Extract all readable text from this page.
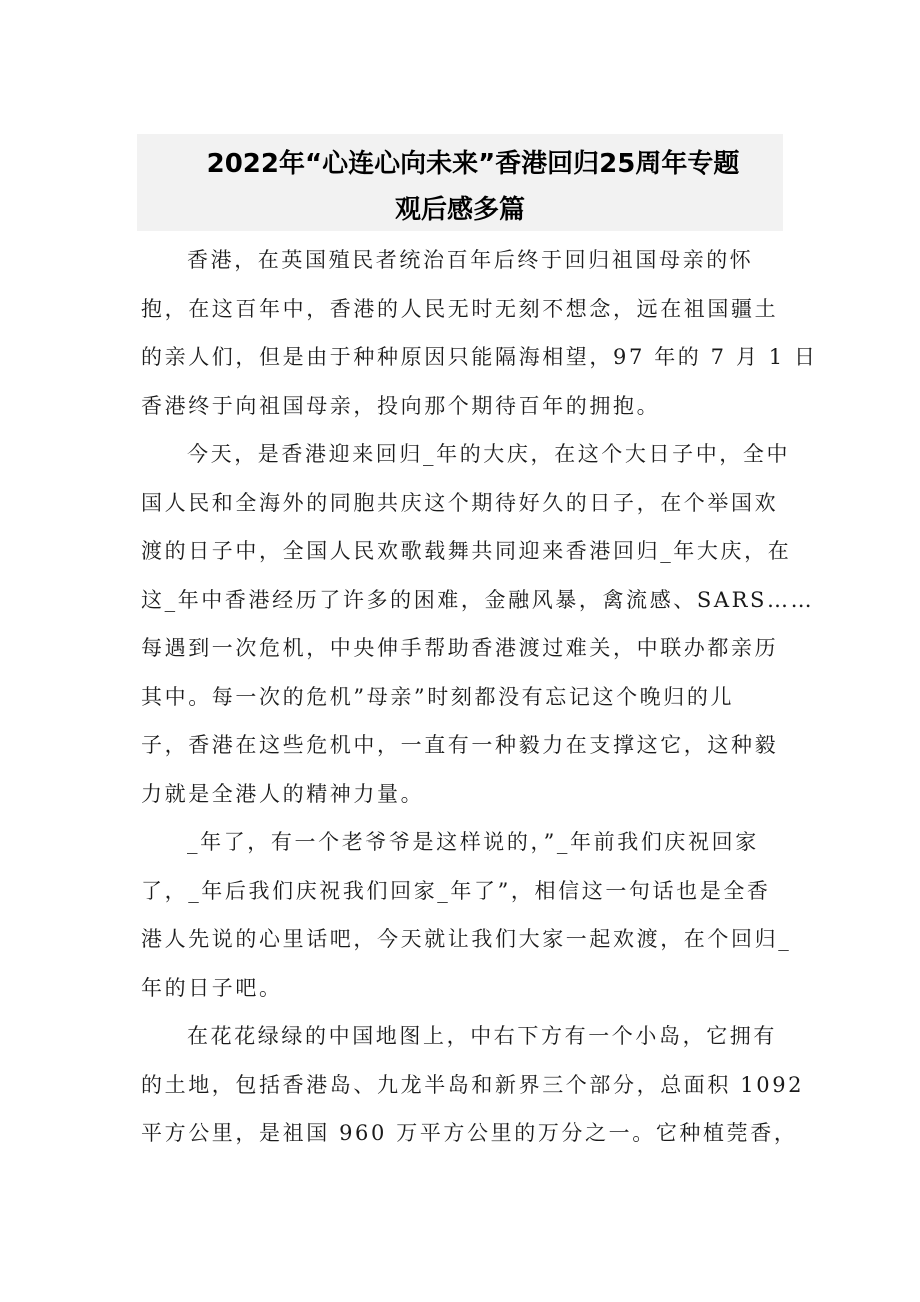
2022年“心连心向未来”香港回归25周年专题
观后感多篇
香港，在英国殖民者统治百年后终于回归祖国母亲的怀
抱，在这百年中，香港的人民无时无刻不想念，远在祖国疆土
的亲人们，但是由于种种原因只能隔海相望，97 年的 7 月 1 日
香港终于向祖国母亲，投向那个期待百年的拥抱。
今天，是香港迎来回归_年的大庆，在这个大日子中，全中
国人民和全海外的同胞共庆这个期待好久的日子，在个举国欢
渡的日子中，全国人民欢歌载舞共同迎来香港回归_年大庆，在
这_年中香港经历了许多的困难，金融风暴，禽流感、SARS……
每遇到一次危机，中央伸手帮助香港渡过难关，中联办都亲历
其中。每一次的危机”母亲”时刻都没有忘记这个晚归的儿
子，香港在这些危机中，一直有一种毅力在支撑这它，这种毅
力就是全港人的精神力量。
_年了，有一个老爷爷是这样说的，”_年前我们庆祝回家
了，_年后我们庆祝我们回家_年了”，相信这一句话也是全香
港人先说的心里话吧，今天就让我们大家一起欢渡，在个回归_
年的日子吧。
在花花绿绿的中国地图上，中右下方有一个小岛，它拥有
的土地，包括香港岛、九龙半岛和新界三个部分，总面积 1092
平方公里，是祖国 960 万平方公里的万分之一。它种植莞香，
